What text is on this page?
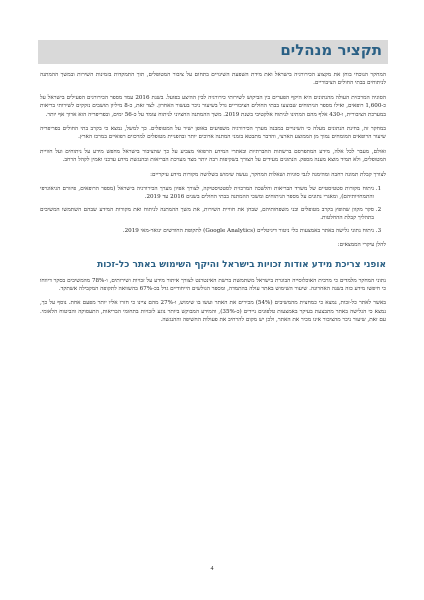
תקציר מנהלים

המחקר הנוכחי בוחן את מקצוע הכירורגיה בישראל ואת מידת השפעת השינויים בתחום על ציבור המטופלים, תוך התמקדות בזמינות השירות ובמשך ההמתנה לניתוחים בבתי החולים הציבוריים.

הסוגיה המרכזית העולה מהנתונים היא היקף הפערים בין הביקוש לשירותי כירורגיה לבין ההיצע בפועל. בשנת 2016 עמד מספר הכירורגים הפעילים בישראל על כ-1,600 רופאים, ואילו מספר הניתוחים שבוצעו בבתי החולים הציבוריים גדל בשיעור ניכר בעשור האחרון. לצד זאת, כ-8 מיליון תושבים נזקקים לשירותי בריאות במערכת הציבורית, ו-430 אלף מהם המתינו לניתוח אלקטיבי בשנת 2019. משך ההמתנה החציוני לניתוח עומד על כ-56 ימים, ובפריפריה הוא ארוך אף יותר.

במחקר זה, בחינת הנתונים מעלה כי השינויים במבנה מערך הכירורגיה משפיעים באופן ישיר על המטופלים. כך למשל, נמצא כי בקרב בתי החולים בפריפריה שיעור הרופאים המומחים נמוך מן הממוצע הארצי, והדבר מתבטא בזמני המתנה ארוכים יותר ובהפניית מטופלים למרכזים רפואיים במרכז הארץ.

ואולם, מעבר לכל אלה, מידע המתפרסם ברשתות החברתיות ובאתרי המידע הרפואי מצביע על כך שהציבור בישראל מחפש מידע על ניתוחים ועל חוויית המטופלים, ולא תמיד מוצא מענה מספק. הנתונים מעידים על הצורך בשקיפות רבה יותר מצד מערכת הבריאות ובהנגשת מידע עדכני ואמין לקהל הרחב.

לצורך קבלת תמונה רחבה ומהימנה לגבי סוגיות ושאלות המחקר, נעשה שימוש בשלושה מקורות מידע עיקריים:

1. ניתוח מקורות סטטיסטיים של משרד הבריאות והלשכה המרכזית לסטטיסטיקה, לצורך אפיון מערך הכירורגיה בישראל (מספר הרופאים, פיזורם הגיאוגרפי והתמחויותיהם), ומאגרי נתונים על מספר הניתוחים ומשכי ההמתנה בבתי החולים בשנים 2016 עד 2019.
2. סקר מקוון שהופץ בקרב מטופלים ובני משפחותיהם, שבחן את חוויית השירות, את משך ההמתנה לניתוח ואת מקורות המידע שבהם השתמשו המשיבים בתהליך קבלת ההחלטות.
3. ניתוח נתוני גלישה באתר באמצעות כלי ניטור דיגיטליים (Google Analytics) לתקופת החודשים ינואר-מאי 2019.
להלן עיקרי הממצאים:
אופני צריכת מידע אודות זכויות בישראל והיקף השימוש באתר כל-זכות

נתוני המחקר מלמדים כי מרבית האוכלוסייה הבוגרת בישראל משתמשת ברשת האינטרנט לצורך איתור מידע על זכויות ושירותים, ו-78% מהמשיבים בסקר דיווחו כי חיפשו מידע כזה בשנה האחרונה. שיעור השימוש באתר עולה בהתמדה, ומספר הגולשים הייחודיים גדל בכ-67% בהשוואה לתקופה המקבילה אשתקד.

באשר לאתר כל-זכות, נמצא כי כמחצית מהמשיבים (54%) מכירים את האתר ועשו בו שימוש, ו-27% מהם ציינו כי חזרו אליו יותר מפעם אחת. נוסף על כך, נמצא כי הגלישה באתר מתבצעת בעיקר באמצעות טלפונים ניידים (כ-35%), והמידע המבוקש ביותר נוגע לזכויות בתחומי הבריאות, התעסוקה והביטוח הלאומי. עם זאת, שיעור ניכר מהציבור אינו מכיר את האתר, ולכן יש מקום להרחיב את פעולות החשיפה וההנגשה.

4
